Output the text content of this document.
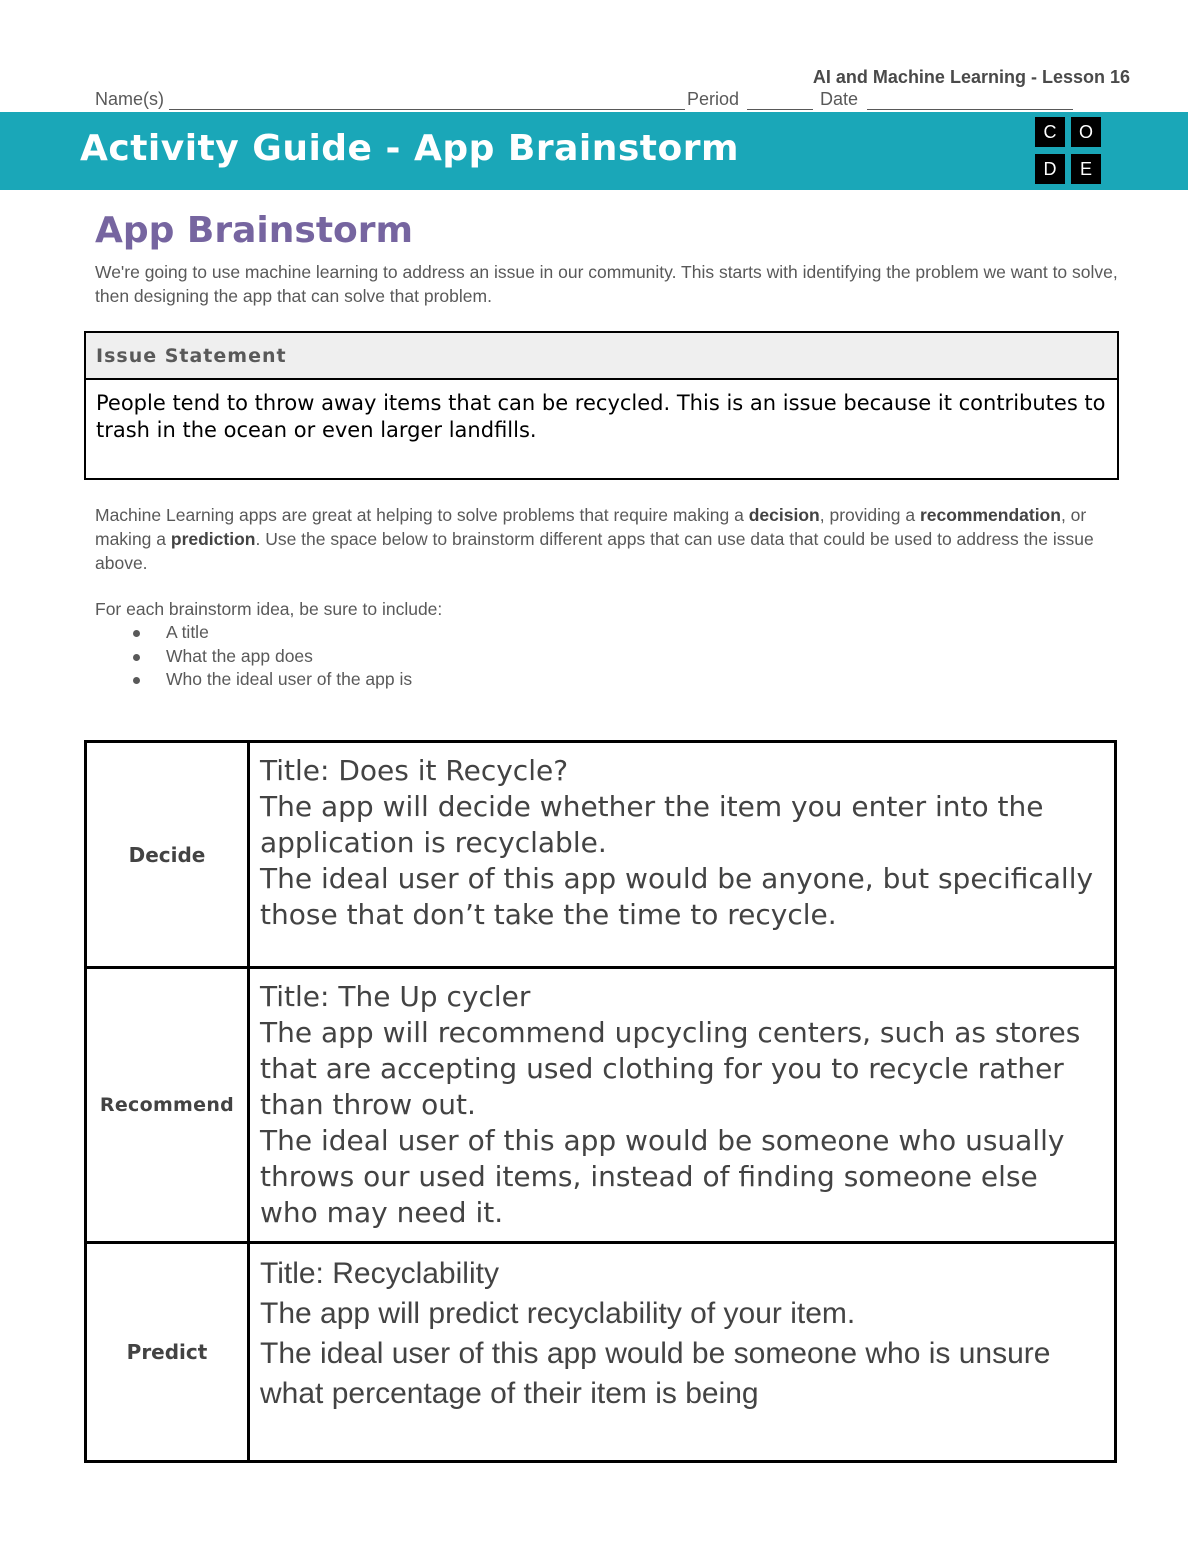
AI and Machine Learning - Lesson 16
Name(s)	Period	Date
Activity Guide - App Brainstorm	C	O
D	E
App Brainstorm
We're going to use machine learning to address an issue in our community. This starts with identifying the problem we want to solve, then designing the app that can solve that problem.
Issue Statement
People tend to throw away items that can be recycled. This is an issue because it contributes to trash in the ocean or even larger landfills.
Machine Learning apps are great at helping to solve problems that require making a decision, providing a recommendation, or making a prediction. Use the space below to brainstorm different apps that can use data that could be used to address the issue above.
For each brainstorm idea, be sure to include:
A title
What the app does
Who the ideal user of the app is
Decide	Title: Does it Recycle?
The app will decide whether the item you enter into the application is recyclable.
The ideal user of this app would be anyone, but specifically those that don’t take the time to recycle.

Recommend	Title: The Up cycler
The app will recommend upcycling centers, such as stores that are accepting used clothing for you to recycle rather than throw out.
The ideal user of this app would be someone who usually throws our used items, instead of finding someone else who may need it.

Predict	Title: Recyclability
The app will predict recyclability of your item.
The ideal user of this app would be someone who is unsure what percentage of their item is being
